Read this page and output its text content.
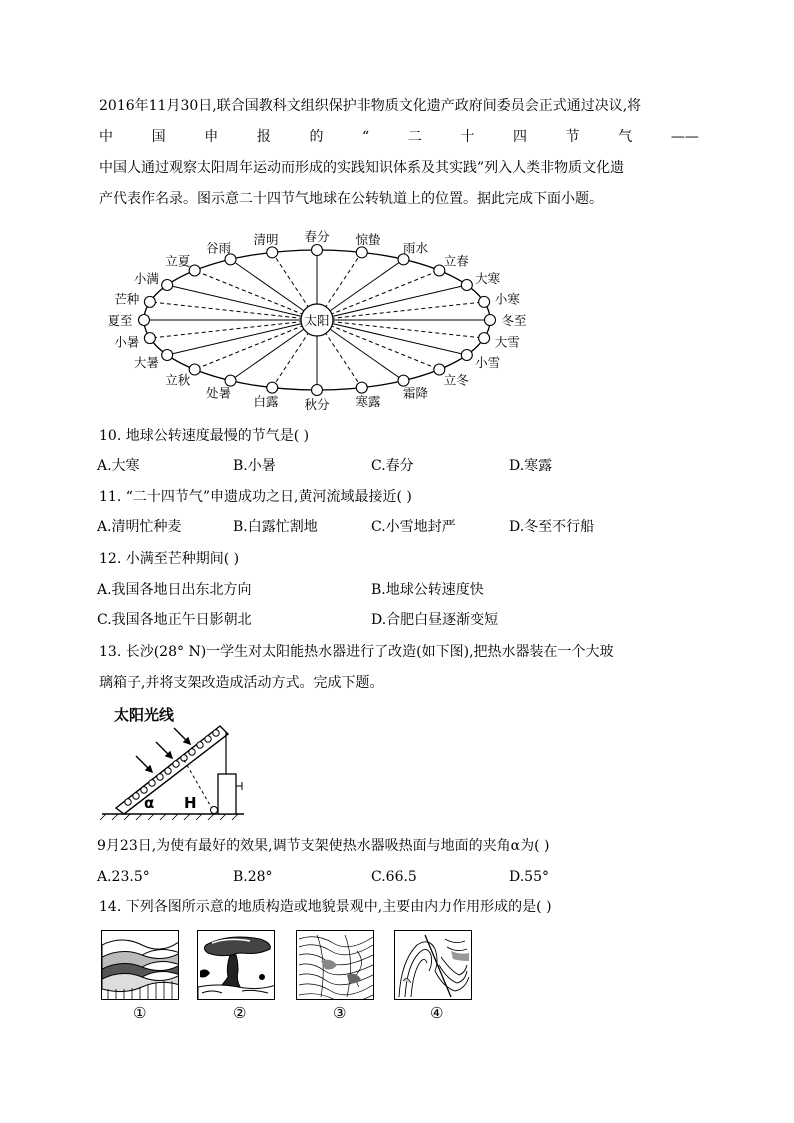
2016年11月30日,联合国教科文组织保护非物质文化遗产政府间委员会正式通过决议,将
中	国	申	报	的	“	二	十	四	节	气	——
中国人通过观察太阳周年运动而形成的实践知识体系及其实践”列入人类非物质文化遗
产代表作名录。图示意二十四节气地球在公转轨道上的位置。据此完成下面小题。
太阳	冬至
小寒
大寒
立春
雨水
惊蛰
春分
清明
谷雨
立夏
小满
芒种
夏至
小暑
大暑
立秋
处暑
白露 秋分 寒露
霜降
立冬
小雪
大雪
10. 地球公转速度最慢的节气是( )
A.大寒	B.小暑	C.春分	D.寒露
11. “二十四节气”申遗成功之日,黄河流域最接近( )
A.清明忙种麦	B.白露忙割地	C.小雪地封严	D.冬至不行船
12. 小满至芒种期间( )
A.我国各地日出东北方向	B.地球公转速度快
C.我国各地正午日影朝北	D.合肥白昼逐渐变短
13. 长沙(28° N)一学生对太阳能热水器进行了改造(如下图),把热水器装在一个大玻
璃箱子,并将支架改造成活动方式。完成下题。
太阳光线
α H
9月23日,为使有最好的效果,调节支架使热水器吸热面与地面的夹角α为( )
A.23.5°	B.28°	C.66.5	D.55°
14. 下列各图所示意的地质构造或地貌景观中,主要由内力作用形成的是( )
①	②	③	④
